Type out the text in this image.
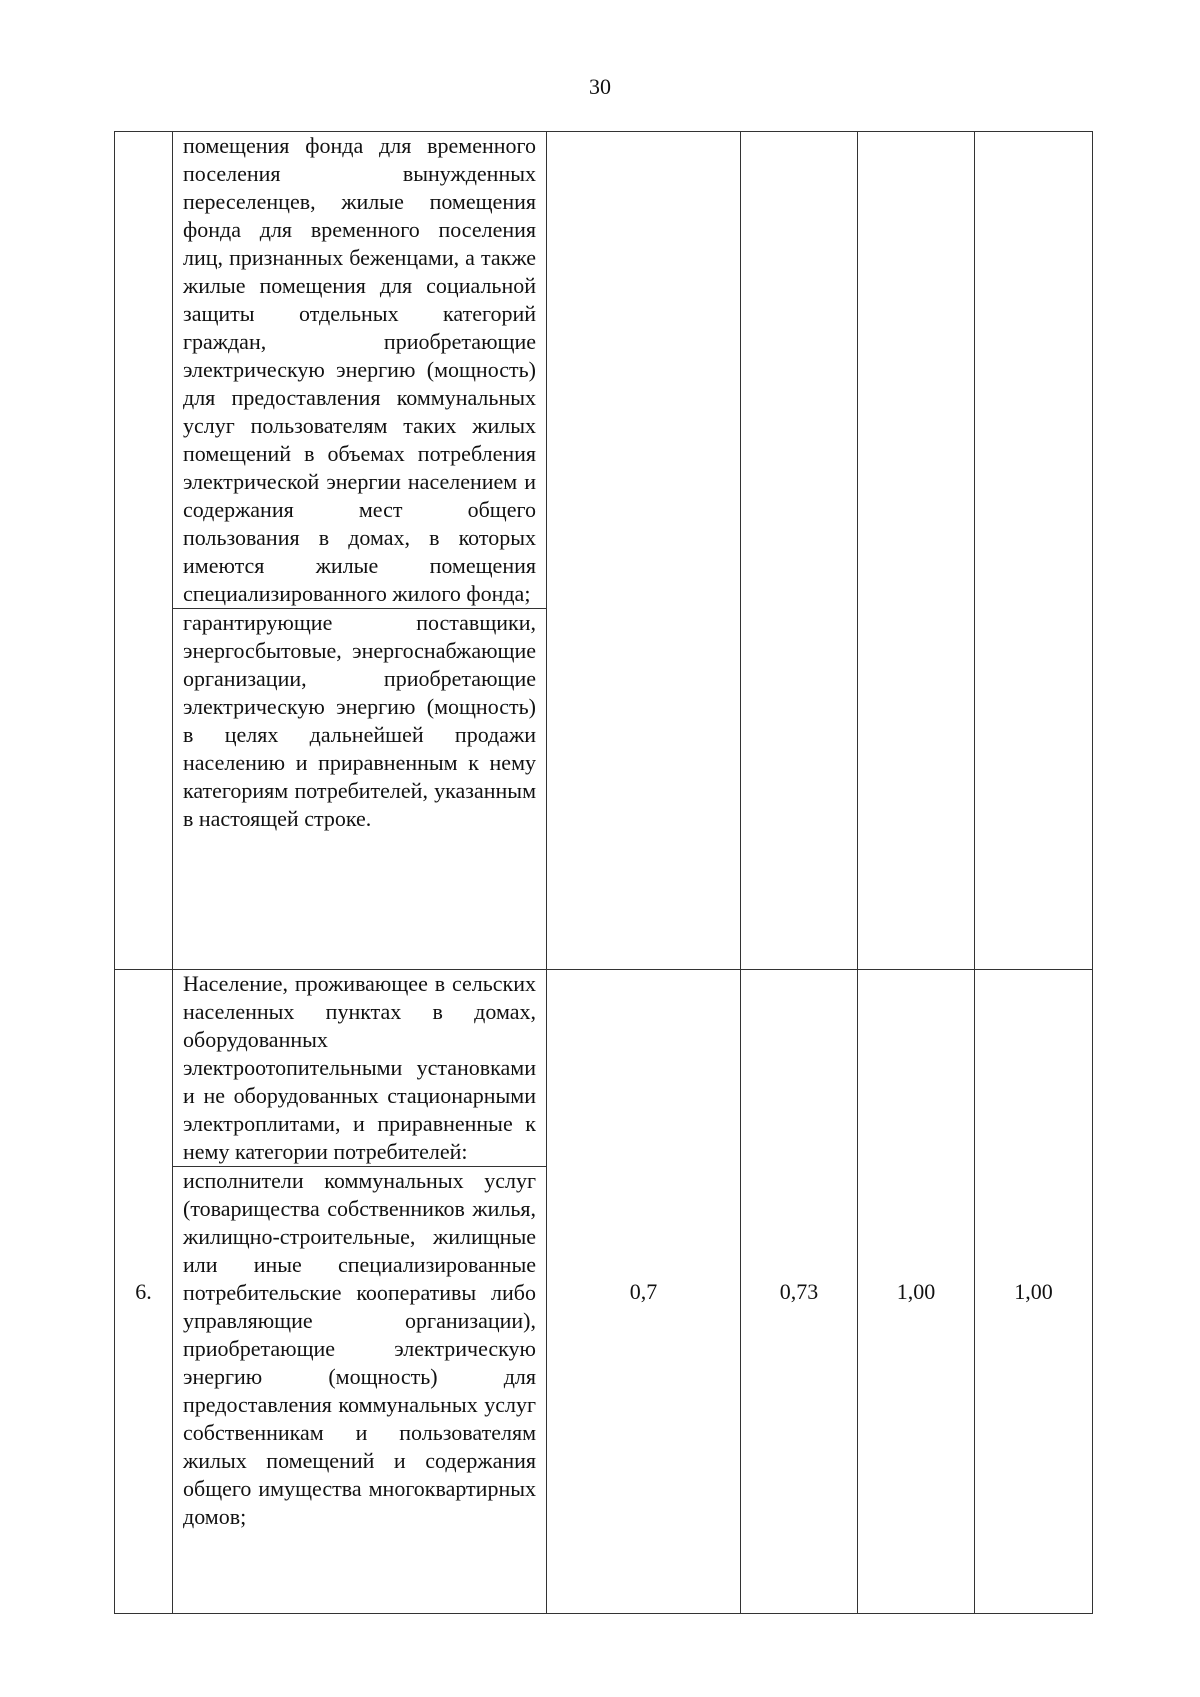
30

	помещения фонда для временного поселения вынужденных переселенцев, жилые помещения фонда для временного поселения лиц, признанных беженцами, а также жилые помещения для социальной защиты отдельных категорий граждан, приобретающие электрическую энергию (мощность) для предоставления коммунальных услуг пользователям таких жилых помещений в объемах потребления электрической энергии населением и содержания мест общего пользования в домах, в которых имеются жилые помещения специализированного жилого фонда;
гарантирующие поставщики, энергосбытовые, энергоснабжающие организации, приобретающие электрическую энергию (мощность) в целях дальнейшей продажи населению и приравненным к нему категориям потребителей, указанным в настоящей строке.				

6.	Население, проживающее в сельских населенных пунктах в домах, оборудованных электроотопительными установками и не оборудованных стационарными электроплитами, и приравненные к нему категории потребителей:
исполнители коммунальных услуг (товарищества собственников жилья, жилищно-строительные, жилищные или иные специализированные потребительские кооперативы либо управляющие организации), приобретающие электрическую энергию (мощность) для предоставления коммунальных услуг собственникам и пользователям жилых помещений и содержания общего имущества многоквартирных домов;	0,7	0,73	1,00	1,00
